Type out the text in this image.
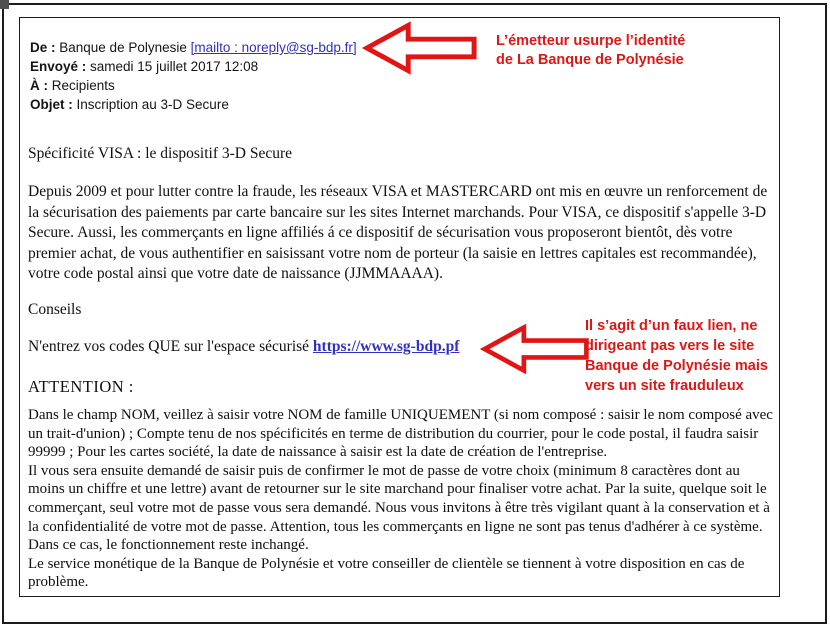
De : Banque de Polynesie [mailto : noreply@sg-bdp.fr]
Envoyé : samedi 15 juillet 2017 12:08
À : Recipients
Objet : Inscription au 3-D Secure
Spécificité VISA : le dispositif 3-D Secure
Depuis 2009 et pour lutter contre la fraude, les réseaux VISA et MASTERCARD ont mis en œuvre un renforcement de la sécurisation des paiements par carte bancaire sur les sites Internet marchands. Pour VISA, ce dispositif s'appelle 3-D Secure. Aussi, les commerçants en ligne affiliés á ce dispositif de sécurisation vous proposeront bientôt, dès votre premier achat, de vous authentifier en saisissant votre nom de porteur (la saisie en lettres capitales est recommandée), votre code postal ainsi que votre date de naissance (JJMMAAAA).
Conseils
N'entrez vos codes QUE sur l'espace sécurisé https://www.sg-bdp.pf
ATTENTION :

Dans le champ NOM, veillez à saisir votre NOM de famille UNIQUEMENT (si nom composé : saisir le nom composé avec un trait-d'union) ; Compte tenu de nos spécificités en terme de distribution du courrier, pour le code postal, il faudra saisir 99999 ; Pour les cartes société, la date de naissance à saisir est la date de création de l'entreprise.

Il vous sera ensuite demandé de saisir puis de confirmer le mot de passe de votre choix (minimum 8 caractères dont au moins un chiffre et une lettre) avant de retourner sur le site marchand pour finaliser votre achat. Par la suite, quelque soit le commerçant, seul votre mot de passe vous sera demandé. Nous vous invitons à être très vigilant quant à la conservation et à la confidentialité de votre mot de passe. Attention, tous les commerçants en ligne ne sont pas tenus d'adhérer à ce système. Dans ce cas, le fonctionnement reste inchangé.

Le service monétique de la Banque de Polynésie et votre conseiller de clientèle se tiennent à votre disposition en cas de problème.

L’émetteur usurpe l’identité
de La Banque de Polynésie
Il s’agit d’un faux lien, ne
dirigeant pas vers le site
Banque de Polynésie mais
vers un site frauduleux
